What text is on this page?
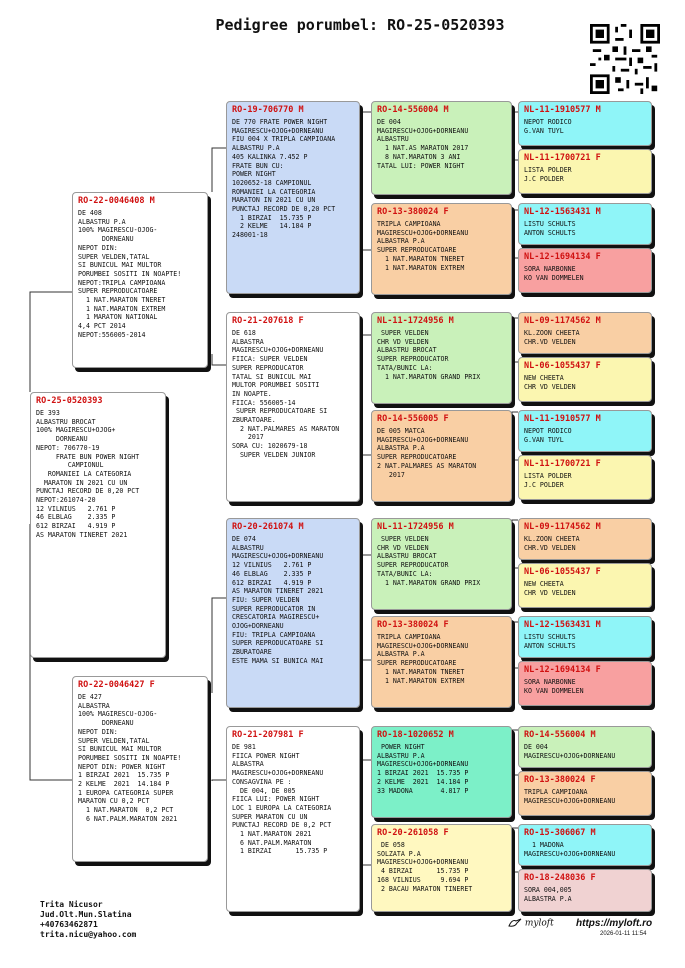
Pedigree porumbel: RO-25-0520393
RO-25-0520393
DE 393
ALBASTRU BROCAT
100% MAGIRESCU+OJOG+
DORNEANU
NEPOT: 706770-19
FRATE BUN POWER NIGHT
CAMPIONUL
ROMANIEI LA CATEGORIA
MARATON IN 2021 CU UN
PUNCTAJ RECORD DE 0,20 PCT
NEPOT:261074-20
12 VILNIUS   2.761 P
46 ELBLAG    2.335 P
612 BIRZAI   4.919 P
AS MARATON TINERET 2021
RO-22-0046408 M
DE 408
ALBASTRU P.A
100% MAGIRESCU-OJOG-
DORNEANU
NEPOT DIN:
SUPER VELDEN,TATAL
SI BUNICUL MAI MULTOR
PORUMBEI SOSITI IN NOAPTE!
NEPOT:TRIPLA CAMPIOANA
SUPER REPRODUCATOARE
1 NAT.MARATON TNERET
1 NAT.MARATON EXTREM
1 MARATON NATIONAL
4,4 PCT 2014
NEPOT:556005-2014
RO-22-0046427 F
DE 427
ALBASTRA
100% MAGIRESCU-OJOG-
DORNEANU
NEPOT DIN:
SUPER VELDEN,TATAL
SI BUNICUL MAI MULTOR
PORUMBEI SOSITI IN NOAPTE!
NEPOT DIN: POWER NIGHT
1 BIRZAI 2021  15.735 P
2 KELME  2021  14.184 P
1 EUROPA CATEGORIA SUPER
MARATON CU 0,2 PCT
1 NAT.MARATON  0,2 PCT
6 NAT.PALM.MARATON 2021
RO-19-706770 M
DE 770 FRATE POWER NIGHT
MAGIRESCU+OJOG+DORNEANU
FIU 004 X TRIPLA CAMPIOANA
ALBASTRU P.A
405 KALINKA 7.452 P
FRATE BUN CU:
POWER NIGHT
1020652-18 CAMPIONUL
ROMANIEI LA CATEGORIA
MARATON IN 2021 CU UN
PUNCTAJ RECORD DE 0,20 PCT
1 BIRZAI  15.735 P
2 KELME   14.184 P
248001-18
RO-21-207618 F
DE 618
ALBASTRA
MAGIRESCU+OJOG+DORNEANU
FIICA: SUPER VELDEN
SUPER REPRODUCATOR
TATAL SI BUNICUL MAI
MULTOR PORUMBEI SOSITI
IN NOAPTE.
FIICA: 556005-14
SUPER REPRODUCATOARE SI
ZBURATOARE.
2 NAT.PALMARES AS MARATON
2017
SORA CU: 1020679-18
SUPER VELDEN JUNIOR
RO-20-261074 M
DE 074
ALBASTRU
MAGIRESCU+OJOG+DORNEANU
12 VILNIUS   2.761 P
46 ELBLAG    2.335 P
612 BIRZAI   4.919 P
AS MARATON TINERET 2021
FIU: SUPER VELDEN
SUPER REPRODUCATOR IN
CRESCATORIA MAGIRESCU+
OJOG+DORNEANU
FIU: TRIPLA CAMPIOANA
SUPER REPRODUCATOARE SI
ZBURATOARE
ESTE MAMA SI BUNICA MAI
RO-21-207981 F
DE 981
FIICA POWER NIGHT
ALBASTRA
MAGIRESCU+OJOG+DORNEANU
CONSAGVINA PE :
DE 004, DE 005
FIICA LUI: POWER NIGHT
LOC 1 EUROPA LA CATEGORIA
SUPER MARATON CU UN
PUNCTAJ RECORD DE 0,2 PCT
1 NAT.MARATON 2021
6 NAT.PALM.MARATON
1 BIRZAI      15.735 P
RO-14-556004 M
DE 004
MAGIRESCU+OJOG+DORNEANU
ALBASTRU
1 NAT.AS MARATON 2017
8 NAT.MARATON 3 ANI
TATAL LUI: POWER NIGHT
RO-13-380024 F
TRIPLA CAMPIOANA
MAGIRESCU+OJOG+DORNEANU
ALBASTRA P.A
SUPER REPRODUCATOARE
1 NAT.MARATON TNERET
1 NAT.MARATON EXTREM
NL-11-1724956 M
SUPER VELDEN
CHR VD VELDEN
ALBASTRU BROCAT
SUPER REPRODUCATOR
TATA/BUNIC LA:
1 NAT.MARATON GRAND PRIX
RO-14-556005 F
DE 005 MATCA
MAGIRESCU+OJOG+DORNEANU
ALBASTRA P.A
SUPER REPRODUCATOARE
2 NAT.PALMARES AS MARATON
2017
NL-11-1724956 M
SUPER VELDEN
CHR VD VELDEN
ALBASTRU BROCAT
SUPER REPRODUCATOR
TATA/BUNIC LA:
1 NAT.MARATON GRAND PRIX
RO-13-380024 F
TRIPLA CAMPIOANA
MAGIRESCU+OJOG+DORNEANU
ALBASTRA P.A
SUPER REPRODUCATOARE
1 NAT.MARATON TNERET
1 NAT.MARATON EXTREM
RO-18-1020652 M
POWER NIGHT
ALBASTRU P.A
MAGIRESCU+OJOG+DORNEANU
1 BIRZAI 2021  15.735 P
2 KELME  2021  14.184 P
33 MADONA       4.817 P
RO-20-261058 F
DE 058
SOLZATA P.A
MAGIRESCU+OJOG+DORNEANU
4 BIRZAI      15.735 P
168 VILNIUS     9.694 P
2 BACAU MARATON TINERET
NL-11-1910577 M
NEPOT RODICO
G.VAN TUYL
NL-11-1700721 F
LISTA POLDER
J.C POLDER
NL-12-1563431 M
LISTU SCHULTS
ANTON SCHULTS
NL-12-1694134 F
SORA NARBONNE
KO VAN DOMMELEN
NL-09-1174562 M
KL.ZOON CHEETA
CHR.VD VELDEN
NL-06-1055437 F
NEW CHEETA
CHR VD VELDEN
NL-11-1910577 M
NEPOT RODICO
G.VAN TUYL
NL-11-1700721 F
LISTA POLDER
J.C POLDER
NL-09-1174562 M
KL.ZOON CHEETA
CHR.VD VELDEN
NL-06-1055437 F
NEW CHEETA
CHR VD VELDEN
NL-12-1563431 M
LISTU SCHULTS
ANTON SCHULTS
NL-12-1694134 F
SORA NARBONNE
KO VAN DOMMELEN
RO-14-556004 M
DE 004
MAGIRESCU+OJOG+DORNEANU
RO-13-380024 F
TRIPLA CAMPIOANA
MAGIRESCU+OJOG+DORNEANU
RO-15-306067 M
1 MADONA
MAGIRESCU+OJOG+DORNEANU
RO-18-248036 F
SORA 004,005
ALBASTRA P.A
Trita Nicusor
Jud.Olt.Mun.Slatina
+40763462871
trita.nicu@yahoo.com
myloft https://myloft.ro
2026-01-11 11:54
